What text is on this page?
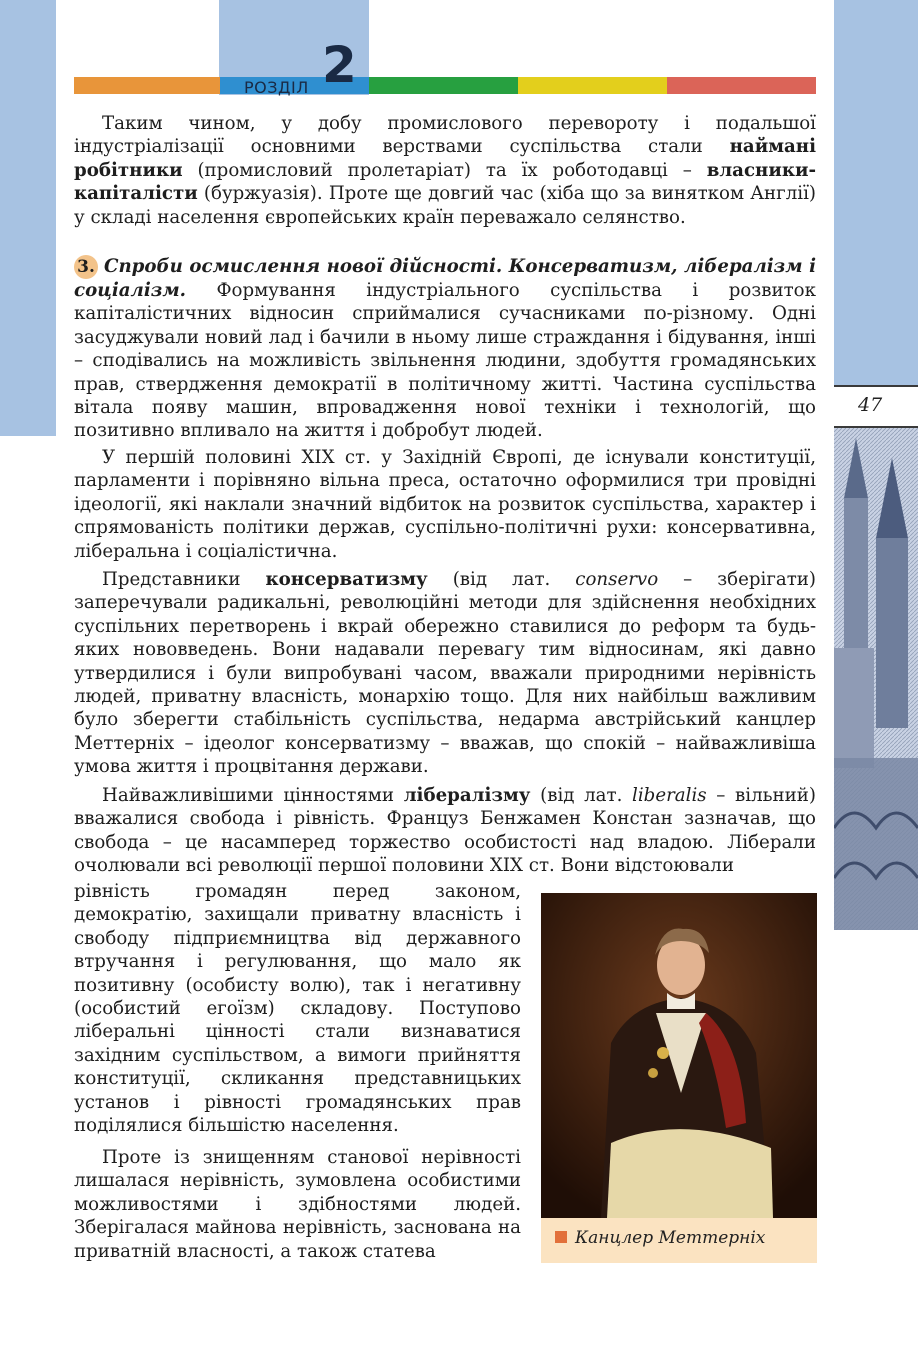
РОЗДІЛ 2
47

Таким чином, у добу промислового перевороту і подальшої індустріалізації основними верствами суспільства стали наймані робітники (промисловий пролетаріат) та їх роботодавці – власники-капіталісти (буржуазія). Проте ще довгий час (хіба що за винятком Англії) у складі населення європейських країн переважало селянство.

3. Спроби осмислення нової дійсності. Консерватизм, лібералізм і соціалізм. Формування індустріального суспільства і розвиток капіталістичних відносин сприймалися сучасниками по-різному. Одні засуджували новий лад і бачили в ньому лише страждання і бідування, інші – сподівались на можливість звільнення людини, здобуття громадянських прав, ствердження демократії в політичному житті. Частина суспільства вітала появу машин, впровадження нової техніки і технологій, що позитивно впливало на життя і добробут людей.

У першій половині XIX ст. у Західній Європі, де існували конституції, парламенти і порівняно вільна преса, остаточно оформилися три провідні ідеології, які наклали значний відбиток на розвиток суспільства, характер і спрямованість політики держав, суспільно-політичні рухи: консервативна, ліберальна і соціалістична.

Представники консерватизму (від лат. conservo – зберігати) заперечували радикальні, революційні методи для здійснення необхідних суспільних перетворень і вкрай обережно ставилися до реформ та будь-яких нововведень. Вони надавали перевагу тим відносинам, які давно утвердилися і були випробувані часом, вважали природними нерівність людей, приватну власність, монархію тощо. Для них найбільш важливим було зберегти стабільність суспільства, недарма австрійський канцлер Меттерніх – ідеолог консерватизму – вважав, що спокій – найважливіша умова життя і процвітання держави.

Найважливішими цінностями лібералізму (від лат. liberalis – вільний) вважалися свобода і рівність. Француз Бенжамен Констан зазначав, що свобода – це насамперед торжество особистості над владою. Ліберали очолювали всі революції першої половини XIX ст. Вони відстоювали

рівність громадян перед законом, демократію, захищали приватну власність і свободу підприємництва від державного втручання і регулювання, що мало як позитивну (особисту волю), так і негативну (особистий егоїзм) складову. Поступово ліберальні цінності стали визнаватися західним суспільством, а вимоги прийняття конституції, скликання представницьких установ і рівності громадянських прав поділялися більшістю населення.

Проте із знищенням станової нерівності лишалася нерівність, зумовлена особистими можливостями і здібностями людей. Зберігалася майнова нерівність, заснована на приватній власності, а також статева

Канцлер Меттерніх
